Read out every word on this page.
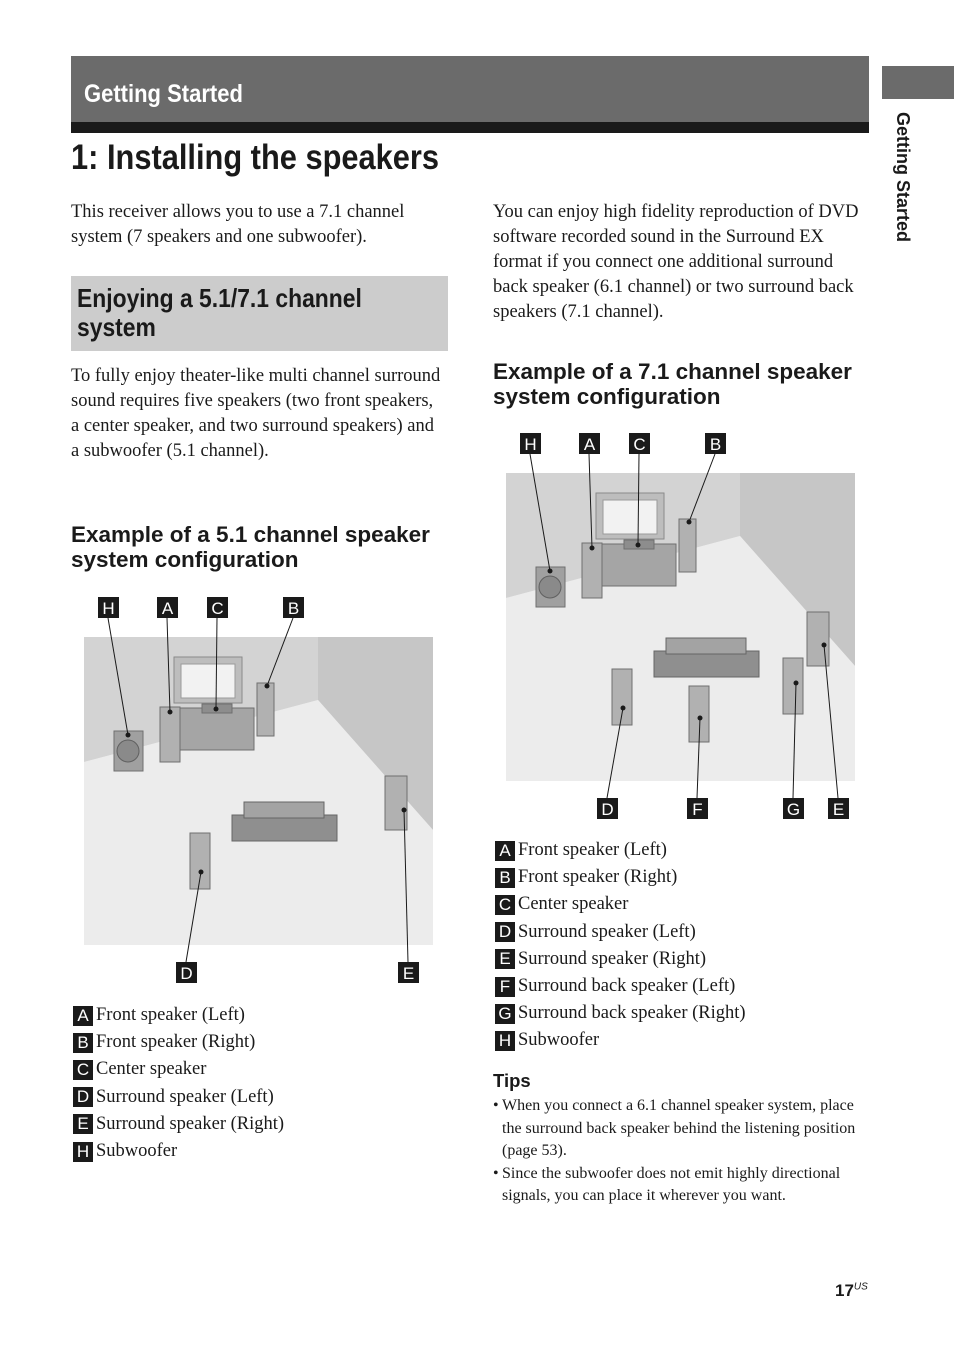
Getting Started
Getting Started
1: Installing the speakers

This receiver allows you to use a 7.1 channel system (7 speakers and one subwoofer).

Enjoying a 5.1/7.1 channel system

To fully enjoy theater-like multi channel surround sound requires five speakers (two front speakers, a center speaker, and two surround speakers) and a subwoofer (5.1 channel).

Example of a 5.1 channel speaker system configuration

You can enjoy high fidelity reproduction of DVD software recorded sound in the Surround EX format if you connect one additional surround back speaker (6.1 channel) or two surround back speakers (7.1 channel).

Example of a 7.1 channel speaker system configuration
H	A C	B
D	E
H	A C	B
D	F	G E
A Front speaker (Left)
B Front speaker (Right)
C Center speaker
D Surround speaker (Left)
E Surround speaker (Right)
H Subwoofer
A Front speaker (Left)
B Front speaker (Right)
C Center speaker
D Surround speaker (Left)
E Surround speaker (Right)
F Surround back speaker (Left)
G Surround back speaker (Right)
H Subwoofer
Tips
• When you connect a 6.1 channel speaker system, place the surround back speaker behind the listening position (page 53).
• Since the subwoofer does not emit highly directional signals, you can place it wherever you want.
$17^{US}$
